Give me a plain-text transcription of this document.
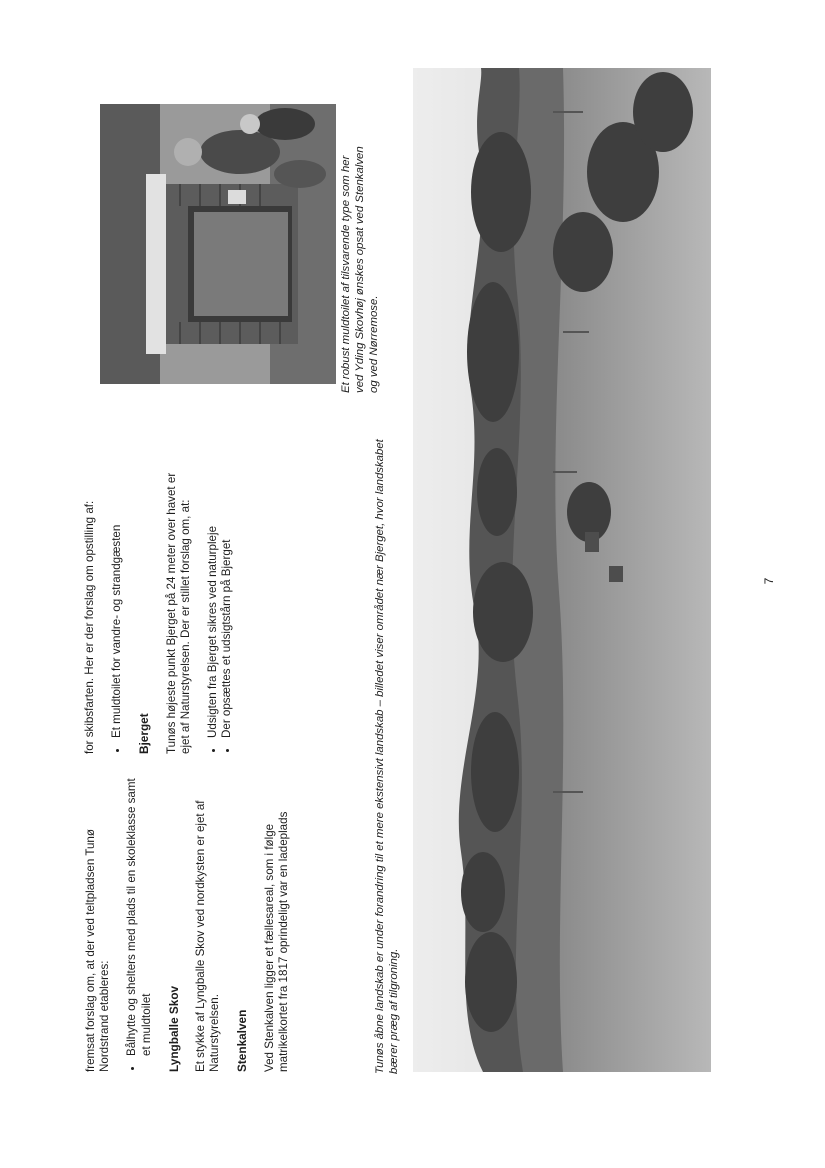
fremsat forslag om, at der ved teltpladsen Tunø Nordstrand etableres: • Bålhytte og shelters med plads til en skoleklasse samt et muldtoilet Lyngballe Skov Et stykke af Lyngballe Skov ved nordkysten er ejet af Naturstyrelsen. Stenkalven Ved Stenkalven ligger et fællesareal, som i følge matrikelkortet fra 1817 oprindeligt var en ladeplads

for skibsfarten. Her er der forslag om opstilling af: • Et muldtoilet for vandre- og strandgæsten Bjerget Tunøs højeste punkt Bjerget på 24 meter over havet er ejet af Naturstyrelsen. Der er stillet forslag om, at: • Udsigten fra Bjerget sikres ved naturpleje • Der opsættes et udsigtstårn på Bjerget	Tunøs åbne landskab er under forandring til et mere ekstensivt landskab – billedet viser området nær Bjerget, hvor landskabet bærer præg af tilgroning.
Et robust muldtoilet af tilsvarende type som her ved Yding Skovhøj ønskes opsat ved Stenkalven og ved Nørremose.
7
